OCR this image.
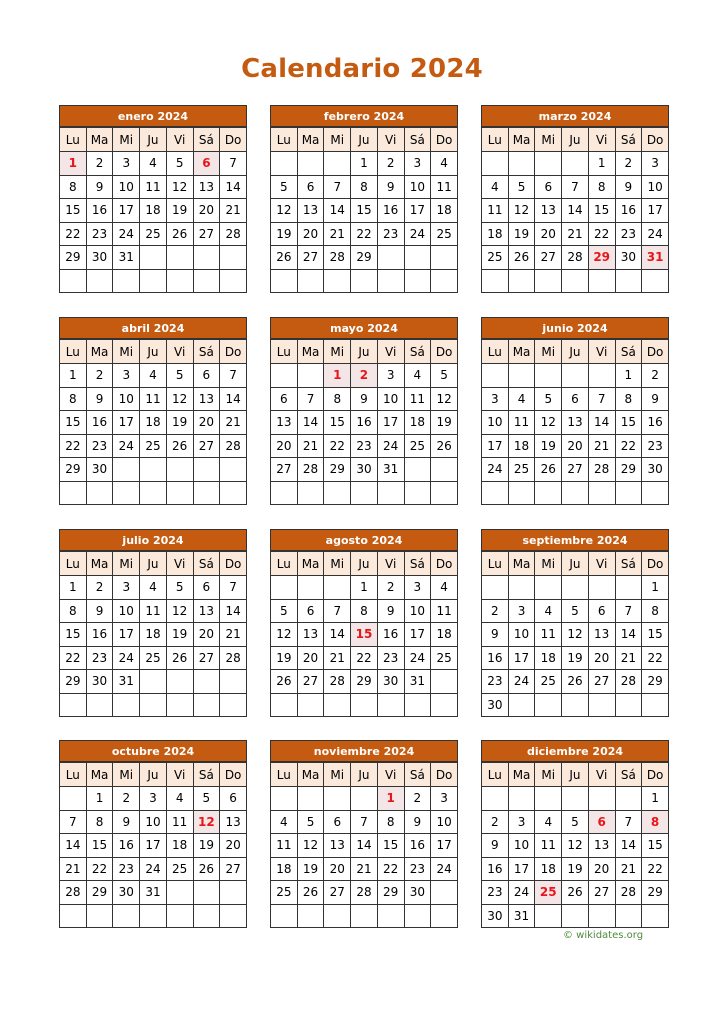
Calendario 2024
enero 2024
Lu	Ma	Mi	Ju	Vi	Sá	Do
1	2	3	4	5	6	7
8	9	10	11	12	13	14
15	16	17	18	19	20	21
22	23	24	25	26	27	28
29	30	31				

febrero 2024
Lu	Ma	Mi	Ju	Vi	Sá	Do
			1	2	3	4
5	6	7	8	9	10	11
12	13	14	15	16	17	18
19	20	21	22	23	24	25
26	27	28	29			

marzo 2024
Lu	Ma	Mi	Ju	Vi	Sá	Do
				1	2	3
4	5	6	7	8	9	10
11	12	13	14	15	16	17
18	19	20	21	22	23	24
25	26	27	28	29	30	31

abril 2024
Lu	Ma	Mi	Ju	Vi	Sá	Do
1	2	3	4	5	6	7
8	9	10	11	12	13	14
15	16	17	18	19	20	21
22	23	24	25	26	27	28
29	30					

mayo 2024
Lu	Ma	Mi	Ju	Vi	Sá	Do
		1	2	3	4	5
6	7	8	9	10	11	12
13	14	15	16	17	18	19
20	21	22	23	24	25	26
27	28	29	30	31		

junio 2024
Lu	Ma	Mi	Ju	Vi	Sá	Do
					1	2
3	4	5	6	7	8	9
10	11	12	13	14	15	16
17	18	19	20	21	22	23
24	25	26	27	28	29	30

julio 2024
Lu	Ma	Mi	Ju	Vi	Sá	Do
1	2	3	4	5	6	7
8	9	10	11	12	13	14
15	16	17	18	19	20	21
22	23	24	25	26	27	28
29	30	31				

agosto 2024
Lu	Ma	Mi	Ju	Vi	Sá	Do
			1	2	3	4
5	6	7	8	9	10	11
12	13	14	15	16	17	18
19	20	21	22	23	24	25
26	27	28	29	30	31	

septiembre 2024
Lu	Ma	Mi	Ju	Vi	Sá	Do
						1
2	3	4	5	6	7	8
9	10	11	12	13	14	15
16	17	18	19	20	21	22
23	24	25	26	27	28	29
30						
octubre 2024
Lu	Ma	Mi	Ju	Vi	Sá	Do
	1	2	3	4	5	6
7	8	9	10	11	12	13
14	15	16	17	18	19	20
21	22	23	24	25	26	27
28	29	30	31			

noviembre 2024
Lu	Ma	Mi	Ju	Vi	Sá	Do
				1	2	3
4	5	6	7	8	9	10
11	12	13	14	15	16	17
18	19	20	21	22	23	24
25	26	27	28	29	30	

diciembre 2024
Lu	Ma	Mi	Ju	Vi	Sá	Do
						1
2	3	4	5	6	7	8
9	10	11	12	13	14	15
16	17	18	19	20	21	22
23	24	25	26	27	28	29
30	31					
© wikidates.org
